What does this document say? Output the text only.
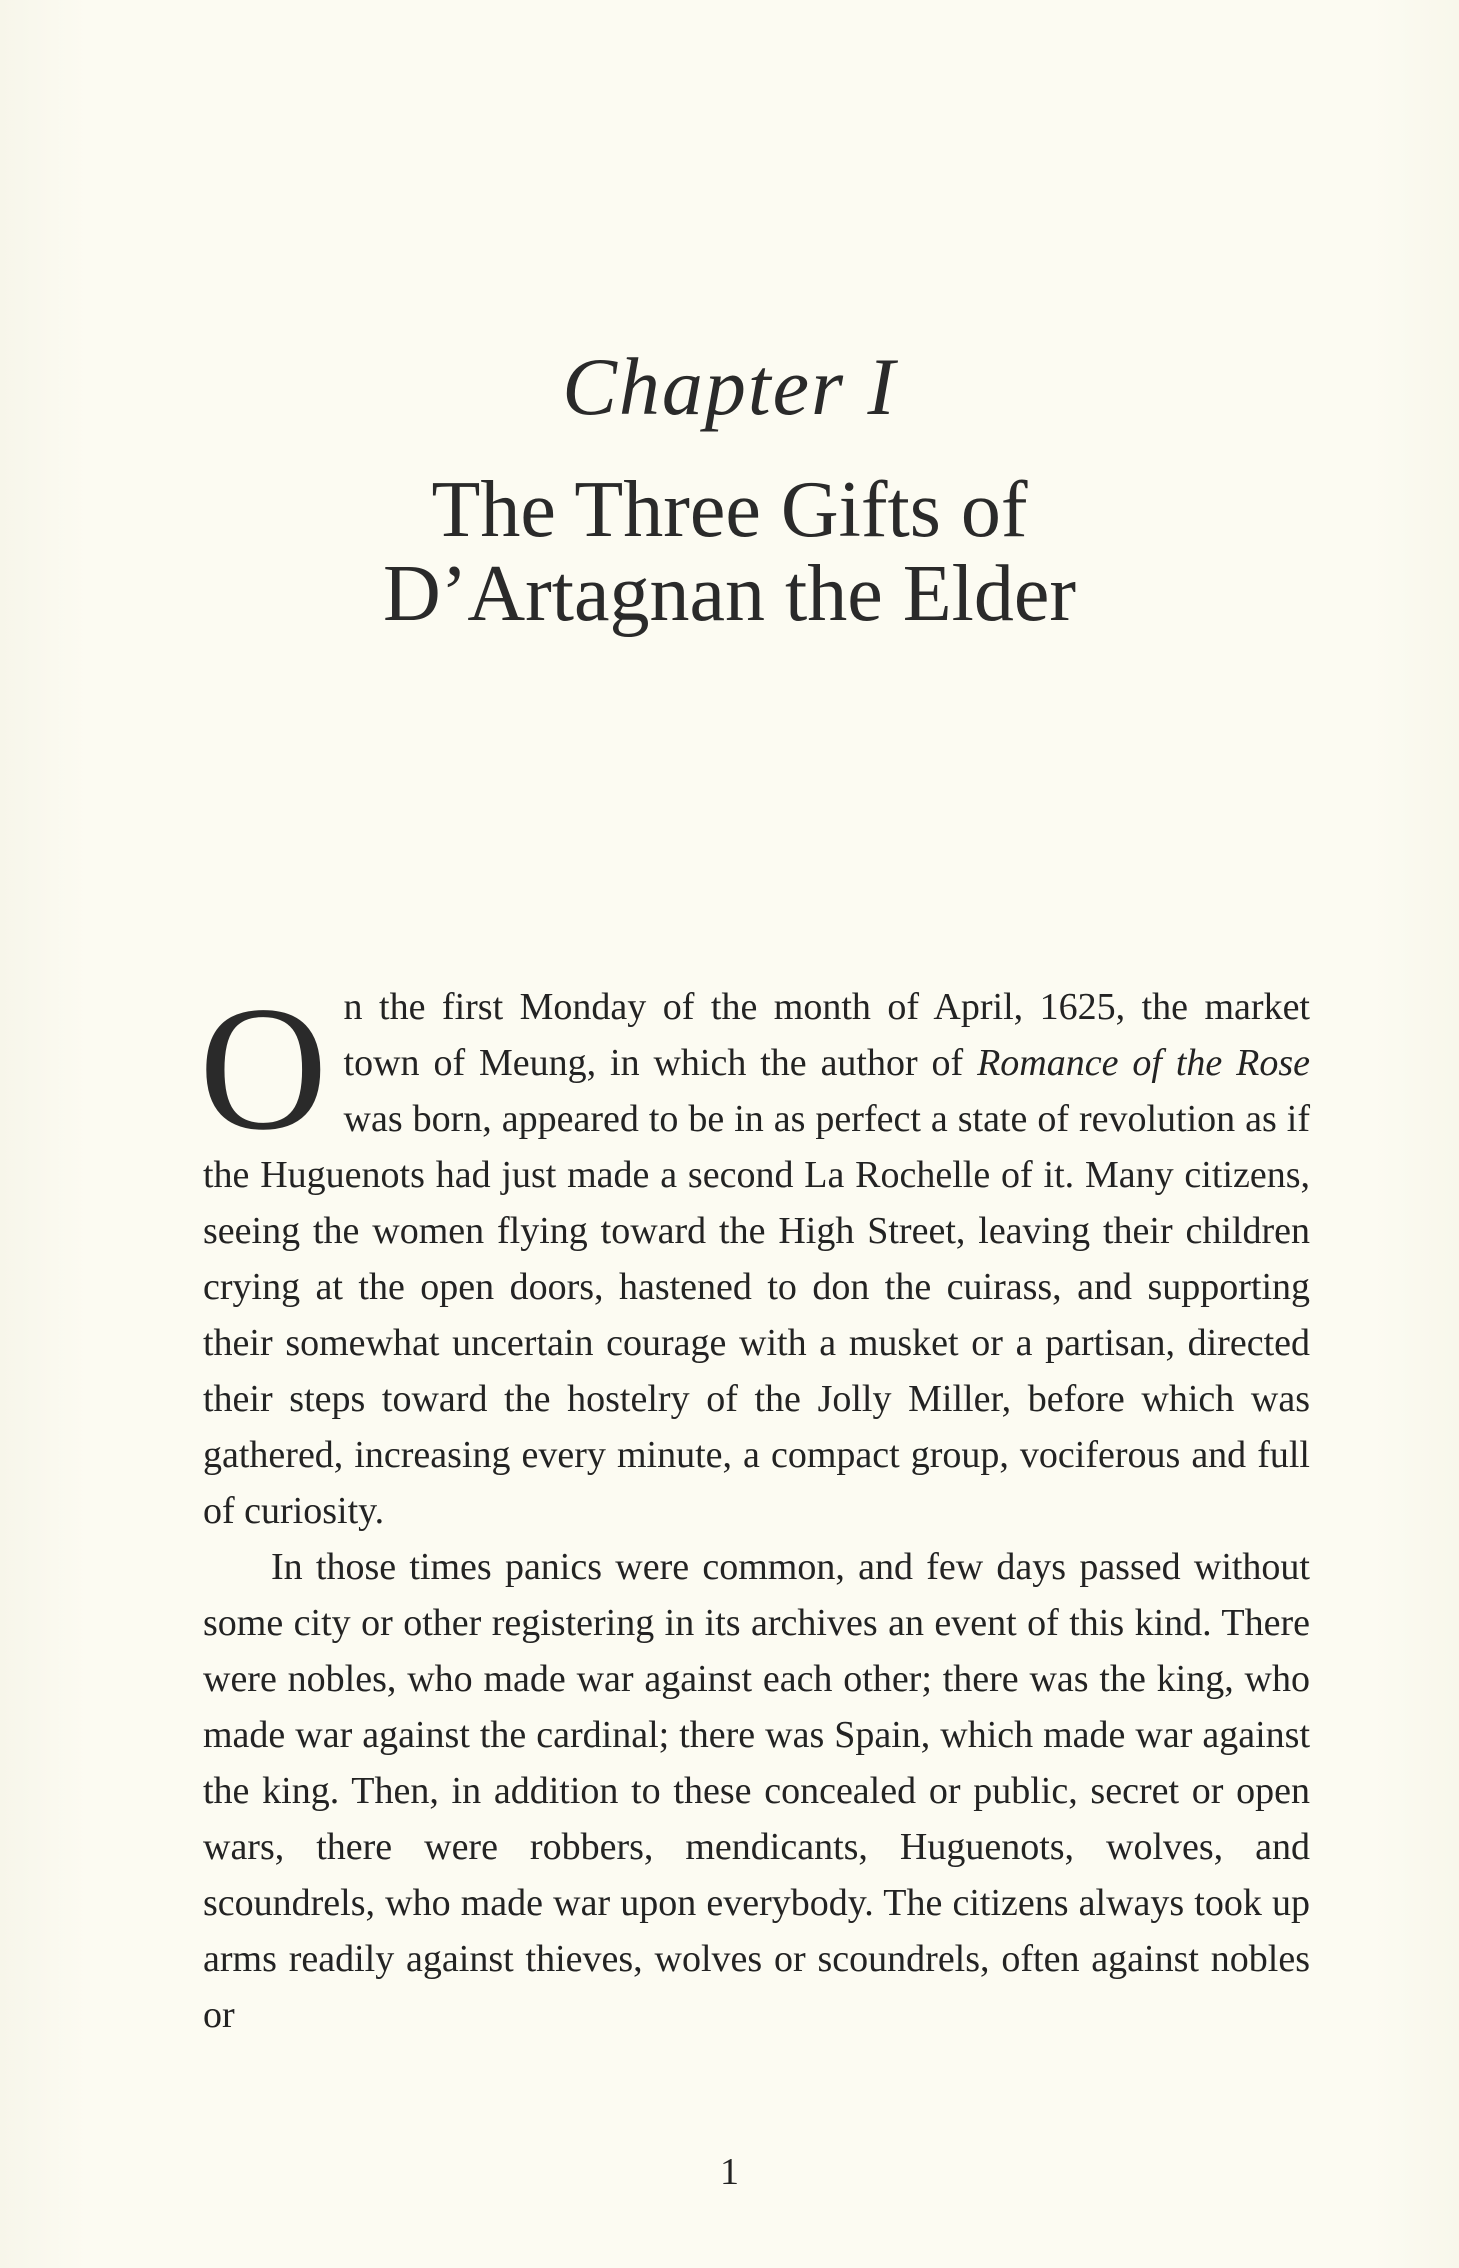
Chapter I
The Three Gifts of
D’Artagnan the Elder

On the first Monday of the month of April, 1625, the market town of Meung, in which the author of Romance of the Rose was born, appeared to be in as perfect a state of revolution as if the Huguenots had just made a second La Rochelle of it. Many citizens, seeing the women flying toward the High Street, leaving their children crying at the open doors, hastened to don the cuirass, and supporting their somewhat uncertain courage with a musket or a partisan, directed their steps toward the hostelry of the Jolly Miller, before which was gathered, increasing every minute, a compact group, vociferous and full of curiosity.

In those times panics were common, and few days passed without some city or other registering in its archives an event of this kind. There were nobles, who made war against each other; there was the king, who made war against the cardinal; there was Spain, which made war against the king. Then, in addition to these concealed or public, secret or open wars, there were robbers, mendicants, Huguenots, wolves, and scoundrels, who made war upon everybody. The citizens always took up arms readily against thieves, wolves or scoundrels, often against nobles or

1
